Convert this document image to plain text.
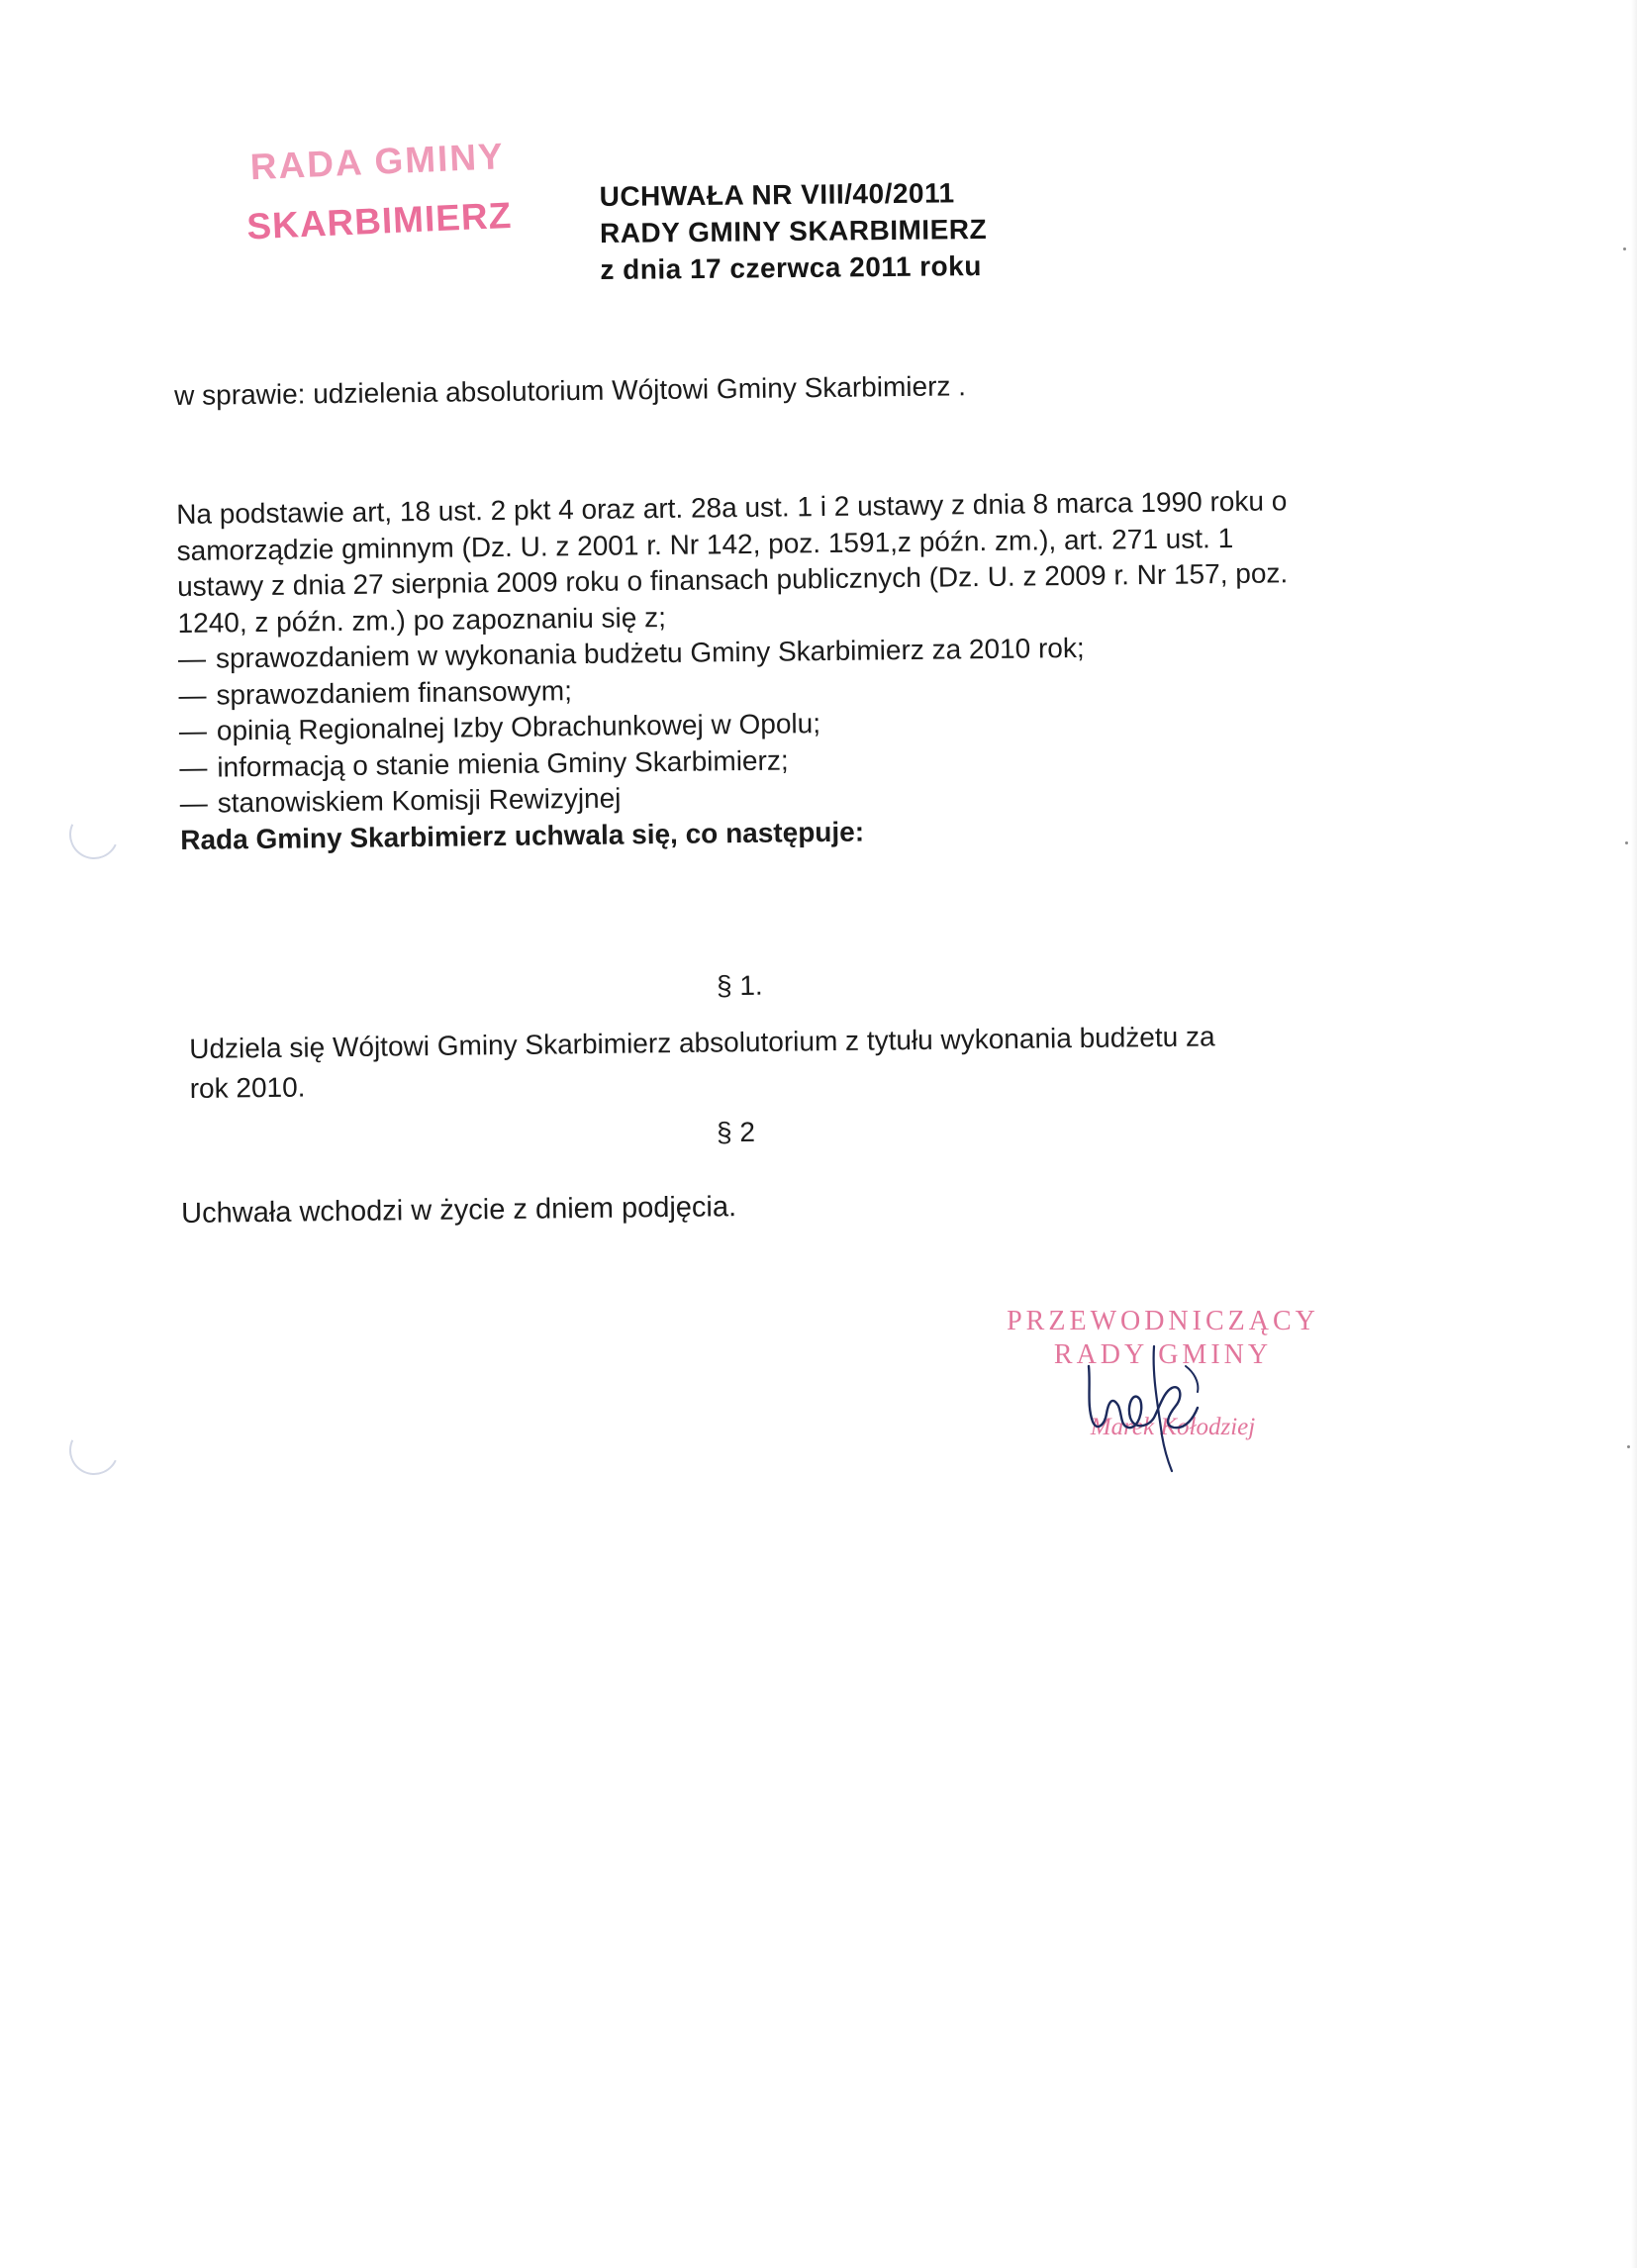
RADA GMINY
SKARBIMIERZ
UCHWAŁA NR VIII/40/2011
RADY GMINY SKARBIMIERZ
z dnia 17 czerwca 2011 roku
w sprawie: udzielenia absolutorium Wójtowi Gminy Skarbimierz .
Na podstawie art, 18 ust. 2 pkt 4 oraz art. 28a ust. 1 i 2 ustawy z dnia 8 marca 1990 roku o
samorządzie gminnym (Dz. U. z 2001 r. Nr 142, poz. 1591,z późn. zm.), art. 271 ust. 1
ustawy z dnia 27 sierpnia 2009 roku o finansach publicznych (Dz. U. z 2009 r. Nr 157, poz.
1240, z późn. zm.) po zapoznaniu się z;
— sprawozdaniem w wykonania budżetu Gminy Skarbimierz za 2010 rok;
— sprawozdaniem finansowym;
— opinią Regionalnej Izby Obrachunkowej w Opolu;
— informacją o stanie mienia Gminy Skarbimierz;
— stanowiskiem Komisji Rewizyjnej
Rada Gminy Skarbimierz uchwala się, co następuje:
§ 1.
Udziela się Wójtowi Gminy Skarbimierz absolutorium z tytułu wykonania budżetu za
rok 2010.
§ 2
Uchwała wchodzi w życie z dniem podjęcia.
PRZEWODNICZĄCY
RADY GMINY
Marek Kołodziej
